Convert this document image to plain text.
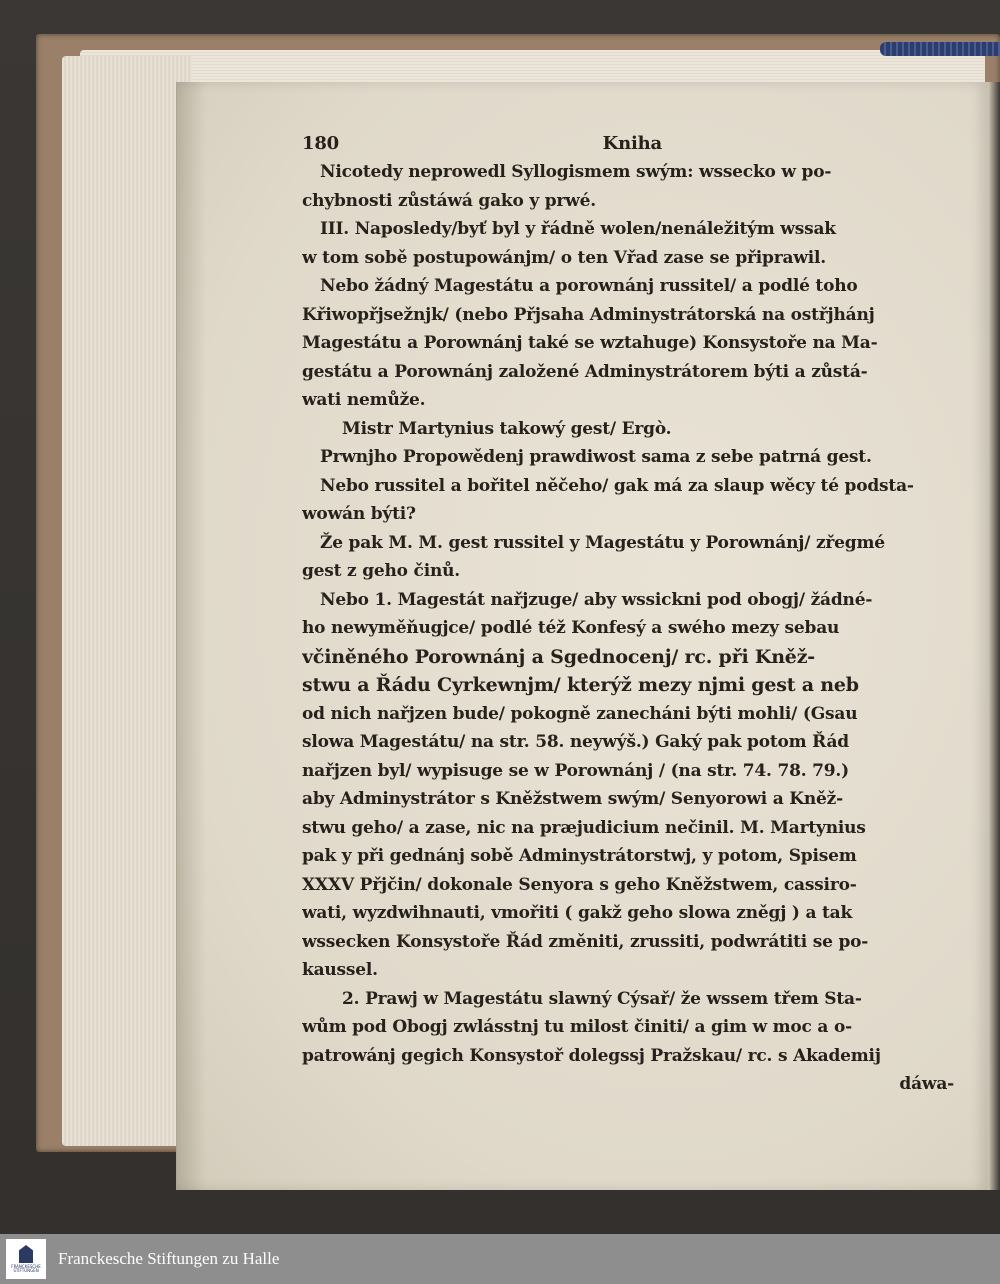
180	Kniha
Nicotedy neprowedl Syllogismem swým: wssecko w po-
chybnosti zůstáwá gako y prwé.
III. Naposledy/byť byl y řádně wolen/nenáležitým wssak
w tom sobě postupowánjm/ o ten Vřad zase se připrawil.
Nebo žádný Magestátu a porownánj russitel/ a podlé toho
Křiwopřjsežnjk/ (nebo Přjsaha Adminystrátorská na ostřjhánj
Magestátu a Porownánj také se wztahuge) Konsystoře na Ma-
gestátu a Porownánj založené Adminystrátorem býti a zůstá-
wati nemůže.
Mistr Martynius takowý gest/ Ergò.
Prwnjho Propowědenj prawdiwost sama z sebe patrná gest.
Nebo russitel a bořitel něčeho/ gak má za slaup wěcy té podsta-
wowán býti?
Že pak M. M. gest russitel y Magestátu y Porownánj/ zřegmé
gest z geho činů.
Nebo 1. Magestát nařjzuge/ aby wssickni pod obogj/ žádné-
ho newyměňugjce/ podlé též Konfesý a swého mezy sebau
včiněného Porownánj a Sgednocenj/ rc. při Kněž-
stwu a Řádu Cyrkewnjm/ kterýž mezy njmi gest a neb
od nich nařjzen bude/ pokogně zanecháni býti mohli/ (Gsau
slowa Magestátu/ na str. 58. neywýš.) Gaký pak potom Řád
nařjzen byl/ wypisuge se w Porownánj / (na str. 74. 78. 79.)
aby Adminystrátor s Kněžstwem swým/ Senyorowi a Kněž-
stwu geho/ a zase, nic na præjudicium nečinil. M. Martynius
pak y při gednánj sobě Adminystrátorstwj, y potom, Spisem
XXXV Přjčin/ dokonale Senyora s geho Kněžstwem, cassiro-
wati, wyzdwihnauti, vmořiti ( gakž geho slowa zněgj ) a tak
wssecken Konsystoře Řád změniti, zrussiti, podwrátiti se po-
kaussel.
2. Prawj w Magestátu slawný Cýsař/ že wssem třem Sta-
wům pod Obogj zwlásstnj tu milost činiti/ a gim w moc a o-
patrowánj gegich Konsystoř dolegssj Pražskau/ rc. s Akademij
dáwa-
FRANCKESCHE STIFTUNGEN
Franckesche Stiftungen zu Halle
